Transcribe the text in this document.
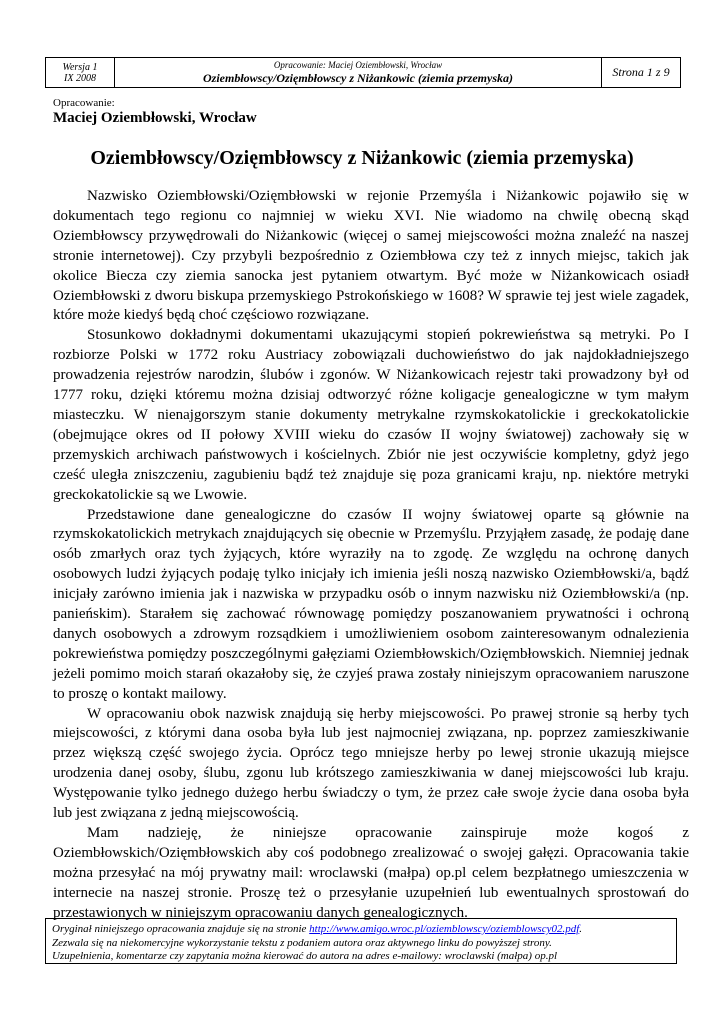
Wersja 1
IX 2008
Opracowanie: Maciej Oziembłowski, Wrocław
Oziembłowscy/Ozięmbłowscy z Niżankowic (ziemia przemyska)	Strona 1 z 9
Opracowanie:
Maciej Oziembłowski, Wrocław
Oziembłowscy/Ozięmbłowscy z Niżankowic (ziemia przemyska)

Nazwisko Oziembłowski/Ozięmbłowski w rejonie Przemyśla i Niżankowic pojawiło się w dokumentach tego regionu co najmniej w wieku XVI. Nie wiadomo na chwilę obecną skąd Oziembłowscy przywędrowali do Niżankowic (więcej o samej miejscowości można znaleźć na naszej stronie internetowej). Czy przybyli bezpośrednio z Oziembłowa czy też z innych miejsc, takich jak okolice Biecza czy ziemia sanocka jest pytaniem otwartym. Być może w Niżankowicach osiadł Oziembłowski z dworu biskupa przemyskiego Pstrokońskiego w 1608? W sprawie tej jest wiele zagadek, które może kiedyś będą choć częściowo rozwiązane.

Stosunkowo dokładnymi dokumentami ukazującymi stopień pokrewieństwa są metryki. Po I rozbiorze Polski w 1772 roku Austriacy zobowiązali duchowieństwo do jak najdokładniejszego prowadzenia rejestrów narodzin, ślubów i zgonów. W Niżankowicach rejestr taki prowadzony był od 1777 roku, dzięki któremu można dzisiaj odtworzyć różne koligacje genealogiczne w tym małym miasteczku. W nienajgorszym stanie dokumenty metrykalne rzymskokatolickie i greckokatolickie (obejmujące okres od II połowy XVIII wieku do czasów II wojny światowej) zachowały się w przemyskich archiwach państwowych i kościelnych. Zbiór nie jest oczywiście kompletny, gdyż jego cześć uległa zniszczeniu, zagubieniu bądź też znajduje się poza granicami kraju, np. niektóre metryki greckokatolickie są we Lwowie.

Przedstawione dane genealogiczne do czasów II wojny światowej oparte są głównie na rzymskokatolickich metrykach znajdujących się obecnie w Przemyślu. Przyjąłem zasadę, że podaję dane osób zmarłych oraz tych żyjących, które wyraziły na to zgodę. Ze względu na ochronę danych osobowych ludzi żyjących podaję tylko inicjały ich imienia jeśli noszą nazwisko Oziembłowski/a, bądź inicjały zarówno imienia jak i nazwiska w przypadku osób o innym nazwisku niż Oziembłowski/a (np. panieńskim). Starałem się zachować równowagę pomiędzy poszanowaniem prywatności i ochroną danych osobowych a zdrowym rozsądkiem i umożliwieniem osobom zainteresowanym odnalezienia pokrewieństwa pomiędzy poszczególnymi gałęziami Oziembłowskich/Ozięmbłowskich. Niemniej jednak jeżeli pomimo moich starań okazałoby się, że czyjeś prawa zostały niniejszym opracowaniem naruszone to proszę o kontakt mailowy.

W opracowaniu obok nazwisk znajdują się herby miejscowości. Po prawej stronie są herby tych miejscowości, z którymi dana osoba była lub jest najmocniej związana, np. poprzez zamieszkiwanie przez większą część swojego życia. Oprócz tego mniejsze herby po lewej stronie ukazują miejsce urodzenia danej osoby, ślubu, zgonu lub krótszego zamieszkiwania w danej miejscowości lub kraju. Występowanie tylko jednego dużego herbu świadczy o tym, że przez całe swoje życie dana osoba była lub jest związana z jedną miejscowością.

Mam nadzieję, że niniejsze opracowanie zainspiruje może kogoś z Oziembłowskich/Ozięmbłowskich aby coś podobnego zrealizować o swojej gałęzi. Opracowania takie można przesyłać na mój prywatny mail: wroclawski (małpa) op.pl celem bezpłatnego umieszczenia w internecie na naszej stronie. Proszę też o przesyłanie uzupełnień lub ewentualnych sprostowań do przestawionych w niniejszym opracowaniu danych genealogicznych.

Oryginał niniejszego opracowania znajduje się na stronie http://www.amigo.wroc.pl/oziemblowscy/oziemblowscy02.pdf.
Zezwala się na niekomercyjne wykorzystanie tekstu z podaniem autora oraz aktywnego linku do powyższej strony.
Uzupełnienia, komentarze czy zapytania można kierować do autora na adres e-mailowy: wroclawski (małpa) op.pl
